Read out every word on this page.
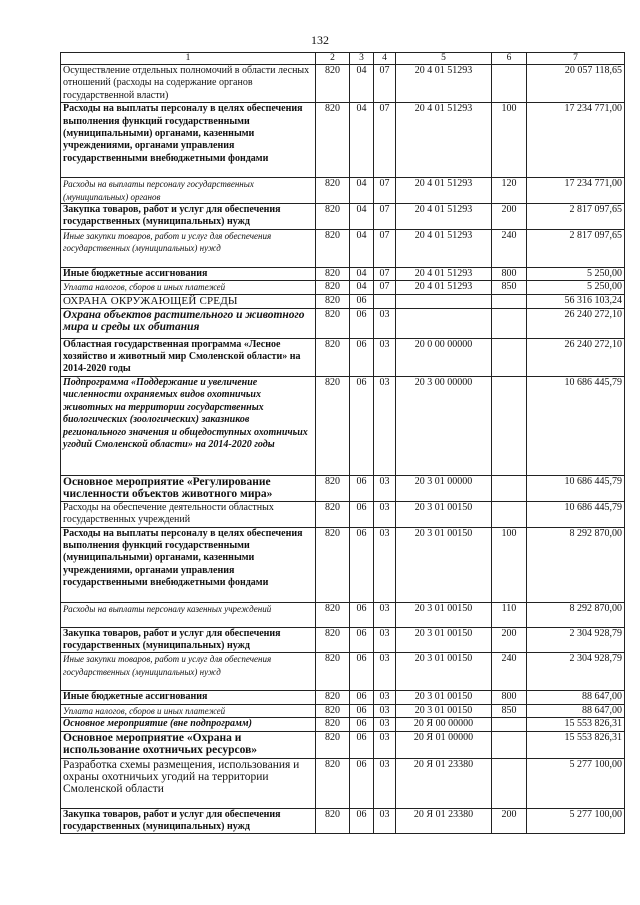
132
1	2	3	4	5	6	7
Осуществление отдельных полномочий в области лесных отношений (расходы на содержание органов государственной власти)	820	04	07	20 4 01 51293		20 057 118,65
Расходы на выплаты персоналу в целях обеспечения выполнения функций государственными (муниципальными) органами, казенными учреждениями, органами управления государственными внебюджетными фондами	820	04	07	20 4 01 51293	100	17 234 771,00
Расходы на выплаты персоналу государственных (муниципальных) органов	820	04	07	20 4 01 51293	120	17 234 771,00
Закупка товаров, работ и услуг для обеспечения государственных (муниципальных) нужд	820	04	07	20 4 01 51293	200	2 817 097,65
Иные закупки товаров, работ и услуг для обеспечения государственных (муниципальных) нужд	820	04	07	20 4 01 51293	240	2 817 097,65
Иные бюджетные ассигнования	820	04	07	20 4 01 51293	800	5 250,00
Уплата налогов, сборов и иных платежей	820	04	07	20 4 01 51293	850	5 250,00
ОХРАНА ОКРУЖАЮЩЕЙ СРЕДЫ	820	06				56 316 103,24
Охрана объектов растительного и животного мира и среды их обитания	820	06	03			26 240 272,10
Областная государственная программа «Лесное хозяйство и животный мир Смоленской области» на 2014-2020 годы	820	06	03	20 0 00 00000		26 240 272,10
Подпрограмма «Поддержание и увеличение численности охраняемых видов охотничьих животных на территории государственных биологических (зоологических) заказников регионального значения и общедоступных охотничьих угодий Смоленской области» на 2014-2020 годы	820	06	03	20 3 00 00000		10 686 445,79
Основное мероприятие «Регулирование численности объектов животного мира»	820	06	03	20 3 01 00000		10 686 445,79
Расходы на обеспечение деятельности областных государственных учреждений	820	06	03	20 3 01 00150		10 686 445,79
Расходы на выплаты персоналу в целях обеспечения выполнения функций государственными (муниципальными) органами, казенными учреждениями, органами управления государственными внебюджетными фондами	820	06	03	20 3 01 00150	100	8 292 870,00
Расходы на выплаты персоналу казенных учреждений	820	06	03	20 3 01 00150	110	8 292 870,00
Закупка товаров, работ и услуг для обеспечения государственных (муниципальных) нужд	820	06	03	20 3 01 00150	200	2 304 928,79
Иные закупки товаров, работ и услуг для обеспечения государственных (муниципальных) нужд	820	06	03	20 3 01 00150	240	2 304 928,79
Иные бюджетные ассигнования	820	06	03	20 3 01 00150	800	88 647,00
Уплата налогов, сборов и иных платежей	820	06	03	20 3 01 00150	850	88 647,00
Основное мероприятие (вне подпрограмм)	820	06	03	20 Я 00 00000		15 553 826,31
Основное мероприятие «Охрана и использование охотничьих ресурсов»	820	06	03	20 Я 01 00000		15 553 826,31
Разработка схемы размещения, использования и охраны охотничьих угодий на территории Смоленской области	820	06	03	20 Я 01 23380		5 277 100,00
Закупка товаров, работ и услуг для обеспечения государственных (муниципальных) нужд	820	06	03	20 Я 01 23380	200	5 277 100,00
